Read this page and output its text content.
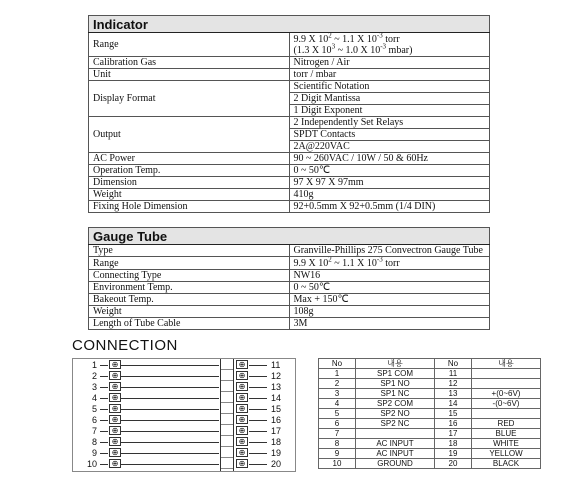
Indicator	
Range	9.9 X $10^2$ ~ 1.1 X $10^{-3}$ torr
(1.3 X $10^3$ ~ 1.0 X $10^{-3}$ mbar)

Calibration Gas	Nitrogen / Air
Unit	torr / mbar
Display Format	Scientific Notation
	2 Digit Mantissa
	1 Digit Exponent
Output	2 Independently Set Relays
	SPDT Contacts
	2A@220VAC
AC Power	90 ~ 260VAC / 10W / 50 & 60Hz
Operation Temp.	0 ~ 50℃
Dimension	97 X 97 X 97mm
Weight	410g
Fixing Hole Dimension	92+0.5mm X 92+0.5mm (1/4 DIN)
Gauge Tube	
Type	Granville-Phillips 275 Convectron Gauge Tube
Range	9.9 X $10^2$ ~ 1.1 X $10^{-3}$ torr
Connecting Type	NW16
Environment Temp.	0 ~ 50℃
Bakeout Temp.	Max + 150℃
Weight	108g
Length of Tube Cable	3M
CONNECTION
1	⊕	⊕	11
2	⊕	⊕	12
3	⊕	⊕	13
4	⊕	⊕	14
5	⊕	⊕	15
6	⊕	⊕	16
7	⊕	⊕	17
8	⊕	⊕	18
9	⊕	⊕	19
10	⊕	⊕	20
No	내용	No	내용
1	SP1 COM	11	
2	SP1 NO	12	
3	SP1 NC	13	+(0~6V)
4	SP2 COM	14	-(0~6V)
5	SP2 NO	15	
6	SP2 NC	16	RED
7		17	BLUE
8	AC INPUT	18	WHITE
9	AC INPUT	19	YELLOW
10	GROUND	20	BLACK
